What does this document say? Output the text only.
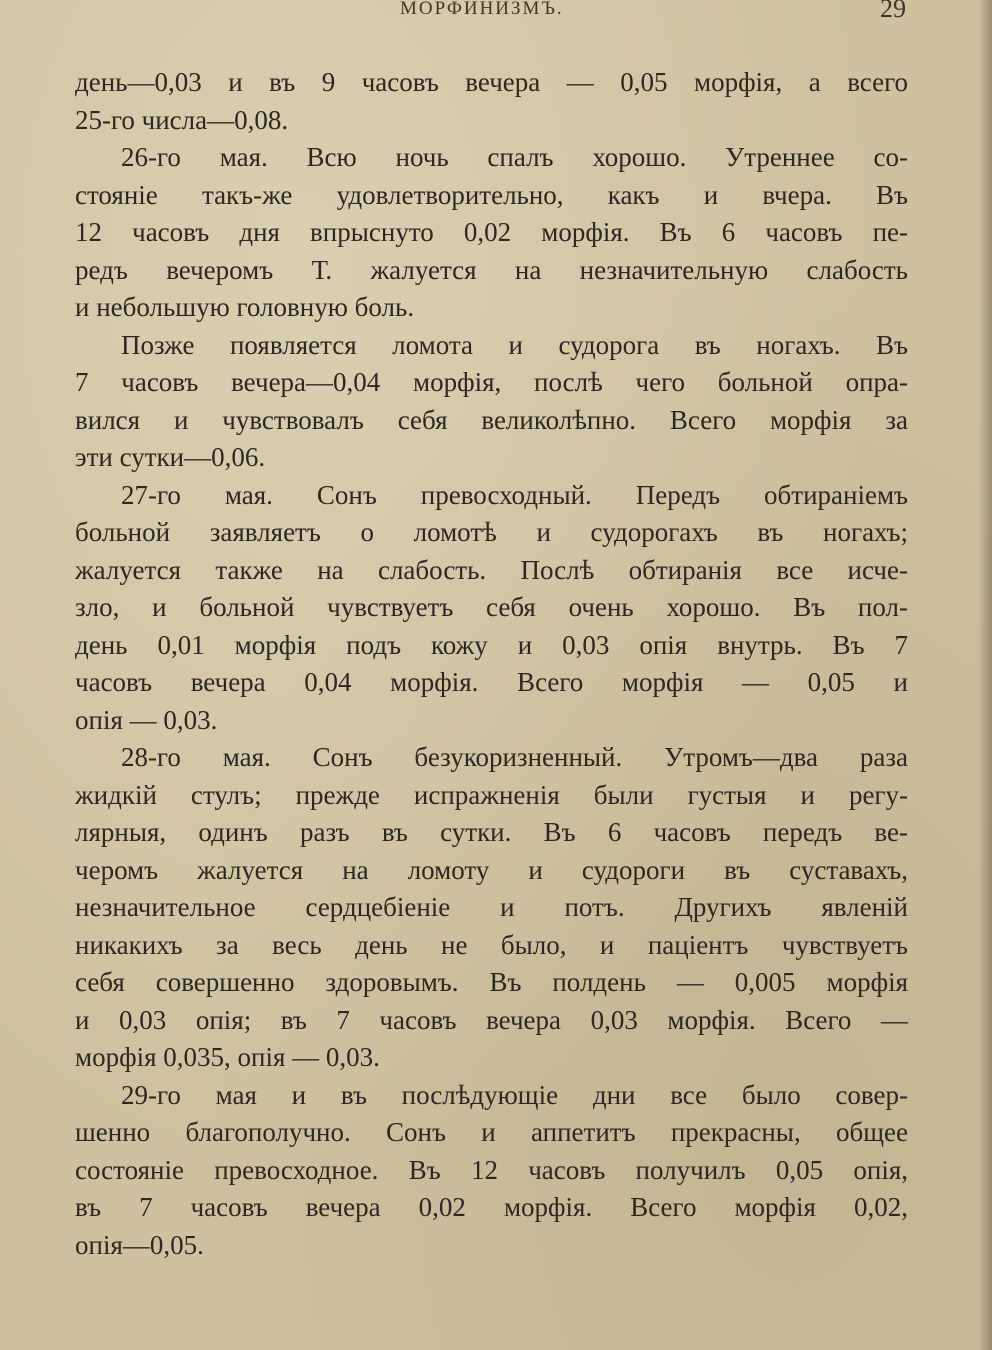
МОРФИНИЗМЪ.	29
день—0,03 и въ 9 часовъ вечера — 0,05 морфія, а всего
25-го числа—0,08.
26-го мая. Всю ночь спалъ хорошо. Утреннее со-
стояніе такъ-же удовлетворительно, какъ и вчера. Въ
12 часовъ дня впрыснуто 0,02 морфія. Въ 6 часовъ пе-
редъ вечеромъ Т. жалуется на незначительную слабость
и небольшую головную боль.
Позже появляется ломота и судорога въ ногахъ. Въ
7 часовъ вечера—0,04 морфія, послѣ чего больной опра-
вился и чувствовалъ себя великолѣпно. Всего морфія за
эти сутки—0,06.
27-го мая. Сонъ превосходный. Передъ обтираніемъ
больной заявляетъ о ломотѣ и судорогахъ въ ногахъ;
жалуется также на слабость. Послѣ обтиранія все исче-
зло, и больной чувствуетъ себя очень хорошо. Въ пол-
день 0,01 морфія подъ кожу и 0,03 опія внутрь. Въ 7
часовъ вечера 0,04 морфія. Всего морфія — 0,05 и
опія — 0,03.
28-го мая. Сонъ безукоризненный. Утромъ—два раза
жидкій стулъ; прежде испражненія были густыя и регу-
лярныя, одинъ разъ въ сутки. Въ 6 часовъ передъ ве-
черомъ жалуется на ломоту и судороги въ суставахъ,
незначительное сердцебіеніе и потъ. Другихъ явленій
никакихъ за весь день не было, и паціентъ чувствуетъ
себя совершенно здоровымъ. Въ полдень — 0,005 морфія
и 0,03 опія; въ 7 часовъ вечера 0,03 морфія. Всего —
морфія 0,035, опія — 0,03.
29-го мая и въ послѣдующіе дни все было совер-
шенно благополучно. Сонъ и аппетитъ прекрасны, общее
состояніе превосходное. Въ 12 часовъ получилъ 0,05 опія,
въ 7 часовъ вечера 0,02 морфія. Всего морфія 0,02,
опія—0,05.
